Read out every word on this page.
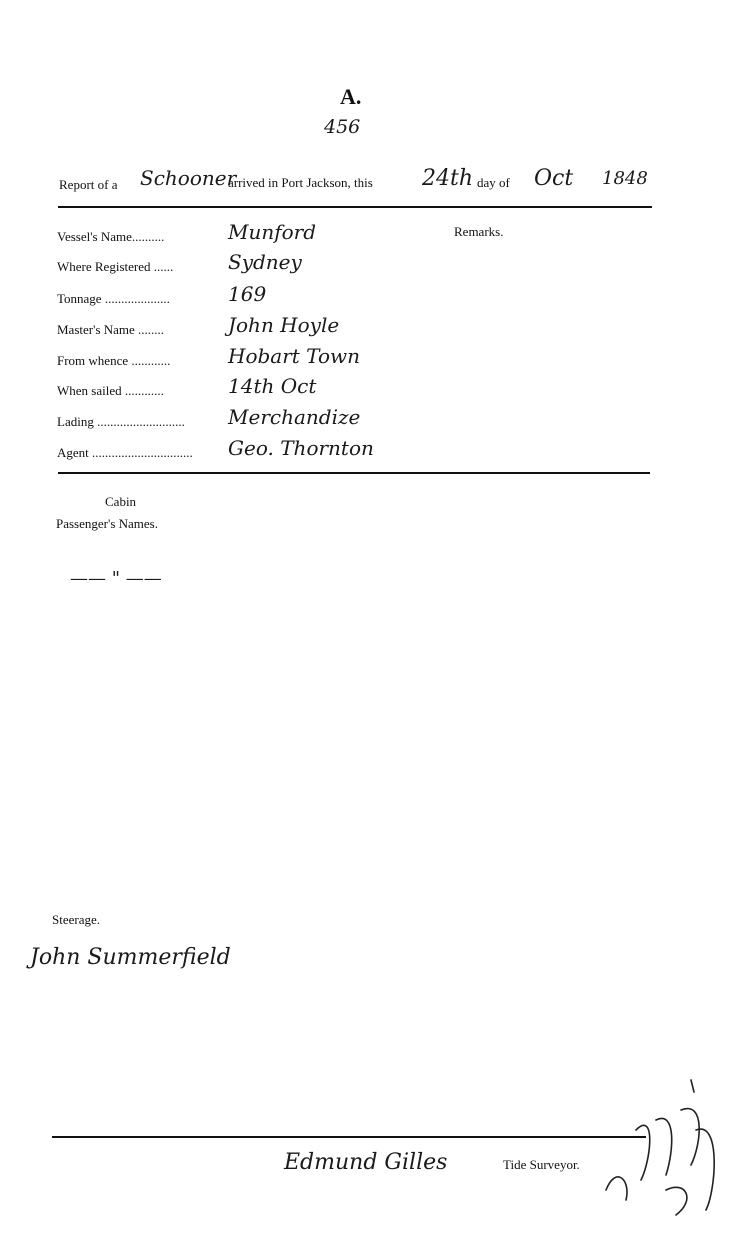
A.
456
Report of a Schooner
arrived in Port Jackson, this 24th day of Oct 1848
Remarks.
Vessel's Name..........	Munford
Where Registered ......	Sydney
Tonnage ....................	169
Master's Name ........	John Hoyle
From whence ............	Hobart Town
When sailed ............	14th Oct
Lading ...........................	Merchandize
Agent ...............................	Geo. Thornton
Cabin
Passenger's Names.
—— " ——
Steerage.
John Summerfield
Edmund Gilles	Tide Surveyor.
